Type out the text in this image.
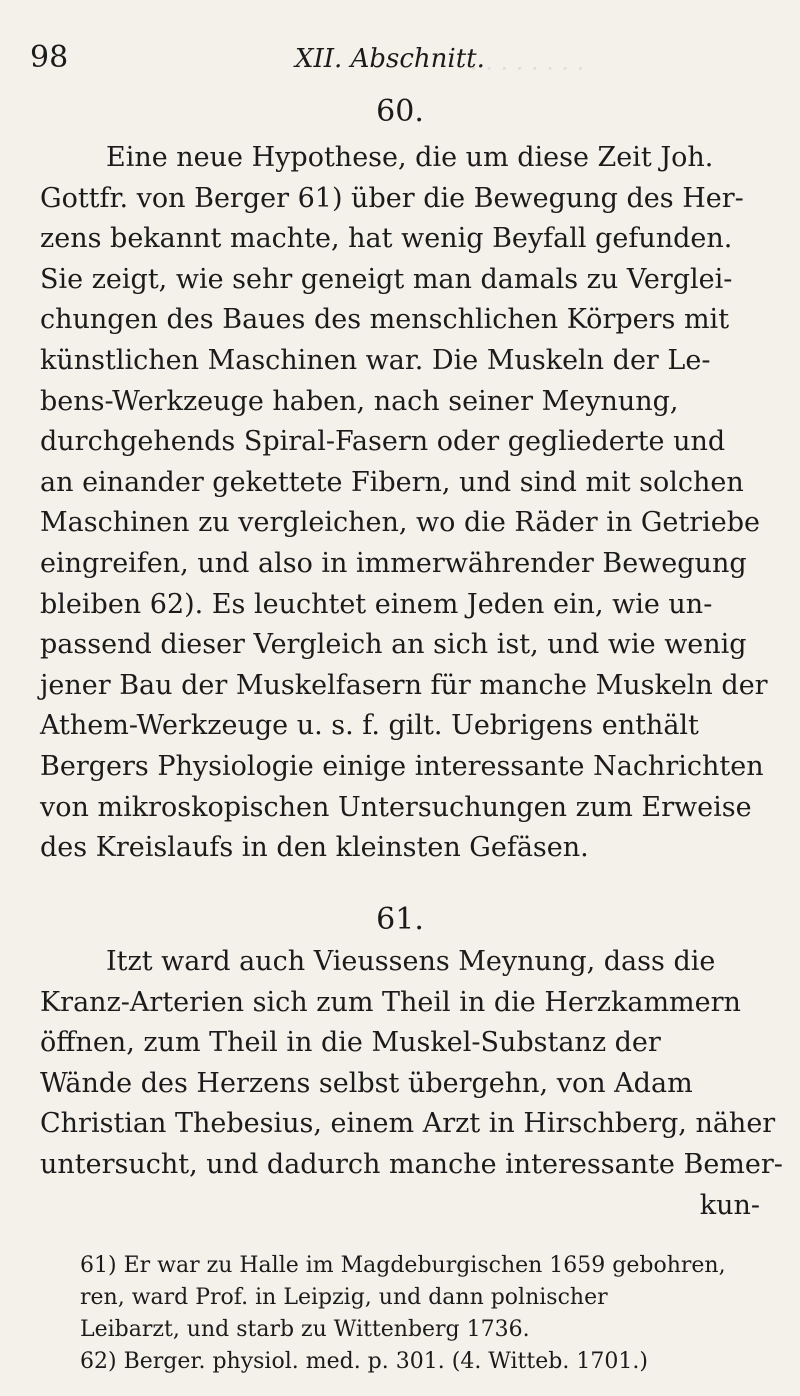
· · · · · · · ·
98	XII. Abschnitt.
60.
Eine neue Hypothese, die um diese Zeit Joh.
Gottfr. von Berger 61) über die Bewegung des Her-
zens bekannt machte, hat wenig Beyfall gefunden.
Sie zeigt, wie sehr geneigt man damals zu Verglei-
chungen des Baues des menschlichen Körpers mit
künstlichen Maschinen war. Die Muskeln der Le-
bens-Werkzeuge haben, nach seiner Meynung,
durchgehends Spiral-Fasern oder gegliederte und
an einander gekettete Fibern, und sind mit solchen
Maschinen zu vergleichen, wo die Räder in Getriebe
eingreifen, und also in immerwährender Bewegung
bleiben 62). Es leuchtet einem Jeden ein, wie un-
passend dieser Vergleich an sich ist, und wie wenig
jener Bau der Muskelfasern für manche Muskeln der
Athem-Werkzeuge u. s. f. gilt. Uebrigens enthält
Bergers Physiologie einige interessante Nachrichten
von mikroskopischen Untersuchungen zum Erweise
des Kreislaufs in den kleinsten Gefäsen.
61.
Itzt ward auch Vieussens Meynung, dass die
Kranz-Arterien sich zum Theil in die Herzkammern
öffnen, zum Theil in die Muskel-Substanz der
Wände des Herzens selbst übergehn, von Adam
Christian Thebesius, einem Arzt in Hirschberg, näher
untersucht, und dadurch manche interessante Bemer-
kun-
61) Er war zu Halle im Magdeburgischen 1659 gebohren,
ren, ward Prof. in Leipzig, und dann polnischer
Leibarzt, und starb zu Wittenberg 1736.
62) Berger. physiol. med. p. 301. (4. Witteb. 1701.)
